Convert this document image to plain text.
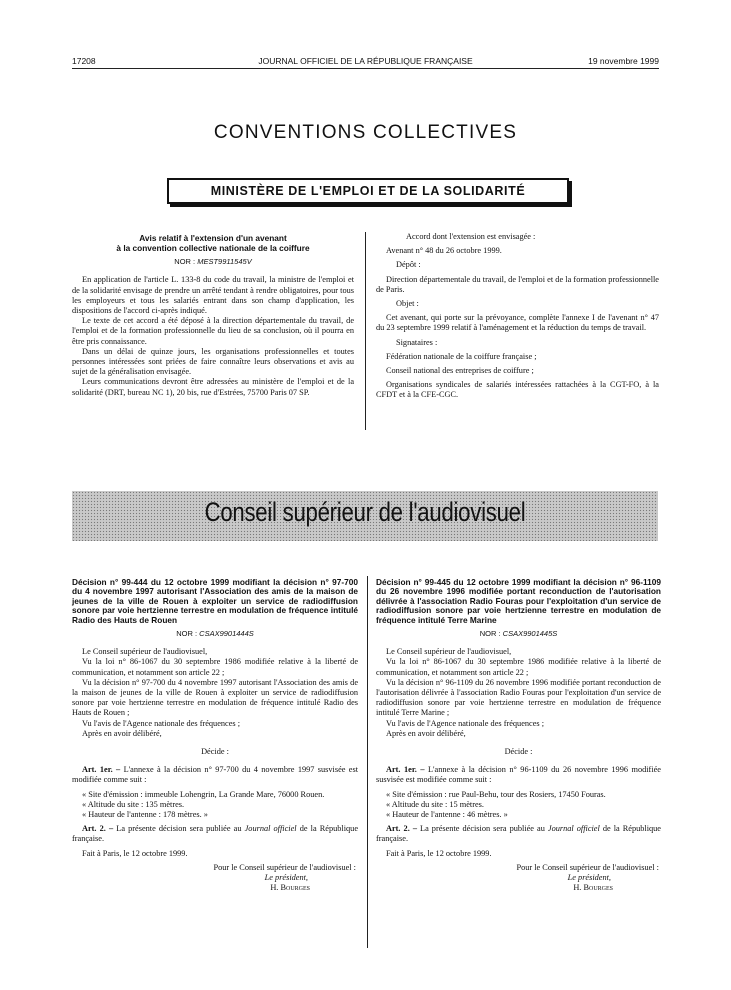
17208	JOURNAL OFFICIEL DE LA RÉPUBLIQUE FRANÇAISE	19 novembre 1999
CONVENTIONS COLLECTIVES
MINISTÈRE DE L'EMPLOI ET DE LA SOLIDARITÉ
Avis relatif à l'extension d'un avenant
à la convention collective nationale de la coiffure
NOR : MEST9911545V

En application de l'article L. 133-8 du code du travail, la ministre de l'emploi et de la solidarité envisage de prendre un arrêté tendant à rendre obligatoires, pour tous les employeurs et tous les salariés entrant dans son champ d'application, les dispositions de l'accord ci-après indiqué.

Le texte de cet accord a été déposé à la direction départementale du travail, de l'emploi et de la formation professionnelle du lieu de sa conclusion, où il pourra en être pris connaissance.

Dans un délai de quinze jours, les organisations professionnelles et toutes personnes intéressées sont priées de faire connaître leurs observations et avis au sujet de la généralisation envisagée.

Leurs communications devront être adressées au ministère de l'emploi et de la solidarité (DRT, bureau NC 1), 20 bis, rue d'Estrées, 75700 Paris 07 SP.

Accord dont l'extension est envisagée :

Avenant n° 48 du 26 octobre 1999.

Dépôt :

Direction départementale du travail, de l'emploi et de la formation professionnelle de Paris.

Objet :

Cet avenant, qui porte sur la prévoyance, complète l'annexe I de l'avenant n° 47 du 23 septembre 1999 relatif à l'aménagement et la réduction du temps de travail.

Signataires :

Fédération nationale de la coiffure française ;

Conseil national des entreprises de coiffure ;

Organisations syndicales de salariés intéressées rattachées à la CGT-FO, à la CFDT et à la CFE-CGC.

Conseil supérieur de l'audiovisuel
Décision n° 99-444 du 12 octobre 1999 modifiant la décision n° 97-700 du 4 novembre 1997 autorisant l'Association des amis de la maison de jeunes de la ville de Rouen à exploiter un service de radiodiffusion sonore par voie hertzienne terrestre en modulation de fréquence intitulé Radio des Hauts de Rouen
NOR : CSAX9901444S

Le Conseil supérieur de l'audiovisuel,

Vu la loi n° 86-1067 du 30 septembre 1986 modifiée relative à la liberté de communication, et notamment son article 22 ;

Vu la décision n° 97-700 du 4 novembre 1997 autorisant l'Association des amis de la maison de jeunes de la ville de Rouen à exploiter un service de radiodiffusion sonore par voie hertzienne terrestre en modulation de fréquence intitulé Radio des Hauts de Rouen ;

Vu l'avis de l'Agence nationale des fréquences ;

Après en avoir délibéré,

Décide :

Art. 1er. – L'annexe à la décision n° 97-700 du 4 novembre 1997 susvisée est modifiée comme suit :

« Site d'émission : immeuble Lohengrin, La Grande Mare, 76000 Rouen.

« Altitude du site : 135 mètres.

« Hauteur de l'antenne : 178 mètres. »

Art. 2. – La présente décision sera publiée au Journal officiel de la République française.

Fait à Paris, le 12 octobre 1999.

Pour le Conseil supérieur de l'audiovisuel :

Le président,

H. Bourges

Décision n° 99-445 du 12 octobre 1999 modifiant la décision n° 96-1109 du 26 novembre 1996 modifiée portant reconduction de l'autorisation délivrée à l'association Radio Fouras pour l'exploitation d'un service de radiodiffusion sonore par voie hertzienne terrestre en modulation de fréquence intitulé Terre Marine
NOR : CSAX9901445S

Le Conseil supérieur de l'audiovisuel,

Vu la loi n° 86-1067 du 30 septembre 1986 modifiée relative à la liberté de communication, et notamment son article 22 ;

Vu la décision n° 96-1109 du 26 novembre 1996 modifiée portant reconduction de l'autorisation délivrée à l'association Radio Fouras pour l'exploitation d'un service de radiodiffusion sonore par voie hertzienne terrestre en modulation de fréquence intitulé Terre Marine ;

Vu l'avis de l'Agence nationale des fréquences ;

Après en avoir délibéré,

Décide :

Art. 1er. – L'annexe à la décision n° 96-1109 du 26 novembre 1996 modifiée susvisée est modifiée comme suit :

« Site d'émission : rue Paul-Behu, tour des Rosiers, 17450 Fouras.

« Altitude du site : 15 mètres.

« Hauteur de l'antenne : 46 mètres. »

Art. 2. – La présente décision sera publiée au Journal officiel de la République française.

Fait à Paris, le 12 octobre 1999.

Pour le Conseil supérieur de l'audiovisuel :

Le président,

H. Bourges
